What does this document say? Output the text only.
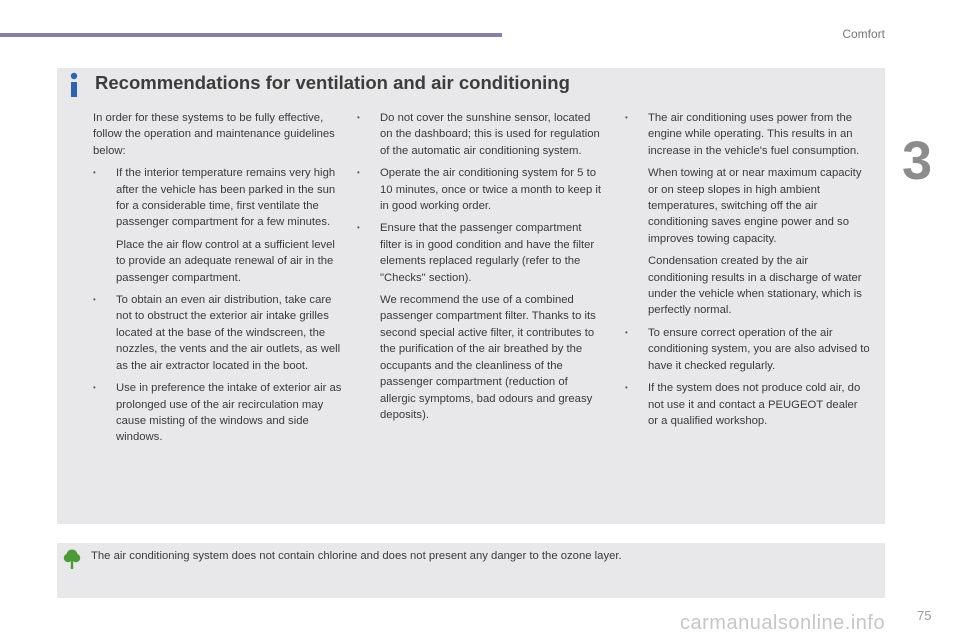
Comfort
3
Recommendations for ventilation and air conditioning

In order for these systems to be fully effective, follow the operation and maintenance guidelines below:

• If the interior temperature remains very high after the vehicle has been parked in the sun for a considerable time, first ventilate the passenger compartment for a few minutes.

Place the air flow control at a sufficient level to provide an adequate renewal of air in the passenger compartment.

• To obtain an even air distribution, take care not to obstruct the exterior air intake grilles located at the base of the windscreen, the nozzles, the vents and the air outlets, as well as the air extractor located in the boot.

• Use in preference the intake of exterior air as prolonged use of the air recirculation may cause misting of the windows and side windows.

• Do not cover the sunshine sensor, located on the dashboard; this is used for regulation of the automatic air conditioning system.

• Operate the air conditioning system for 5 to 10 minutes, once or twice a month to keep it in good working order.

• Ensure that the passenger compartment filter is in good condition and have the filter elements replaced regularly (refer to the "Checks" section).

We recommend the use of a combined passenger compartment filter. Thanks to its second special active filter, it contributes to the purification of the air breathed by the occupants and the cleanliness of the passenger compartment (reduction of allergic symptoms, bad odours and greasy deposits).

• The air conditioning uses power from the engine while operating. This results in an increase in the vehicle's fuel consumption.

When towing at or near maximum capacity or on steep slopes in high ambient temperatures, switching off the air conditioning saves engine power and so improves towing capacity.

Condensation created by the air conditioning results in a discharge of water under the vehicle when stationary, which is perfectly normal.

• To ensure correct operation of the air conditioning system, you are also advised to have it checked regularly.

• If the system does not produce cold air, do not use it and contact a PEUGEOT dealer or a qualified workshop.

The air conditioning system does not contain chlorine and does not present any danger to the ozone layer.
75
carmanualsonline.info
